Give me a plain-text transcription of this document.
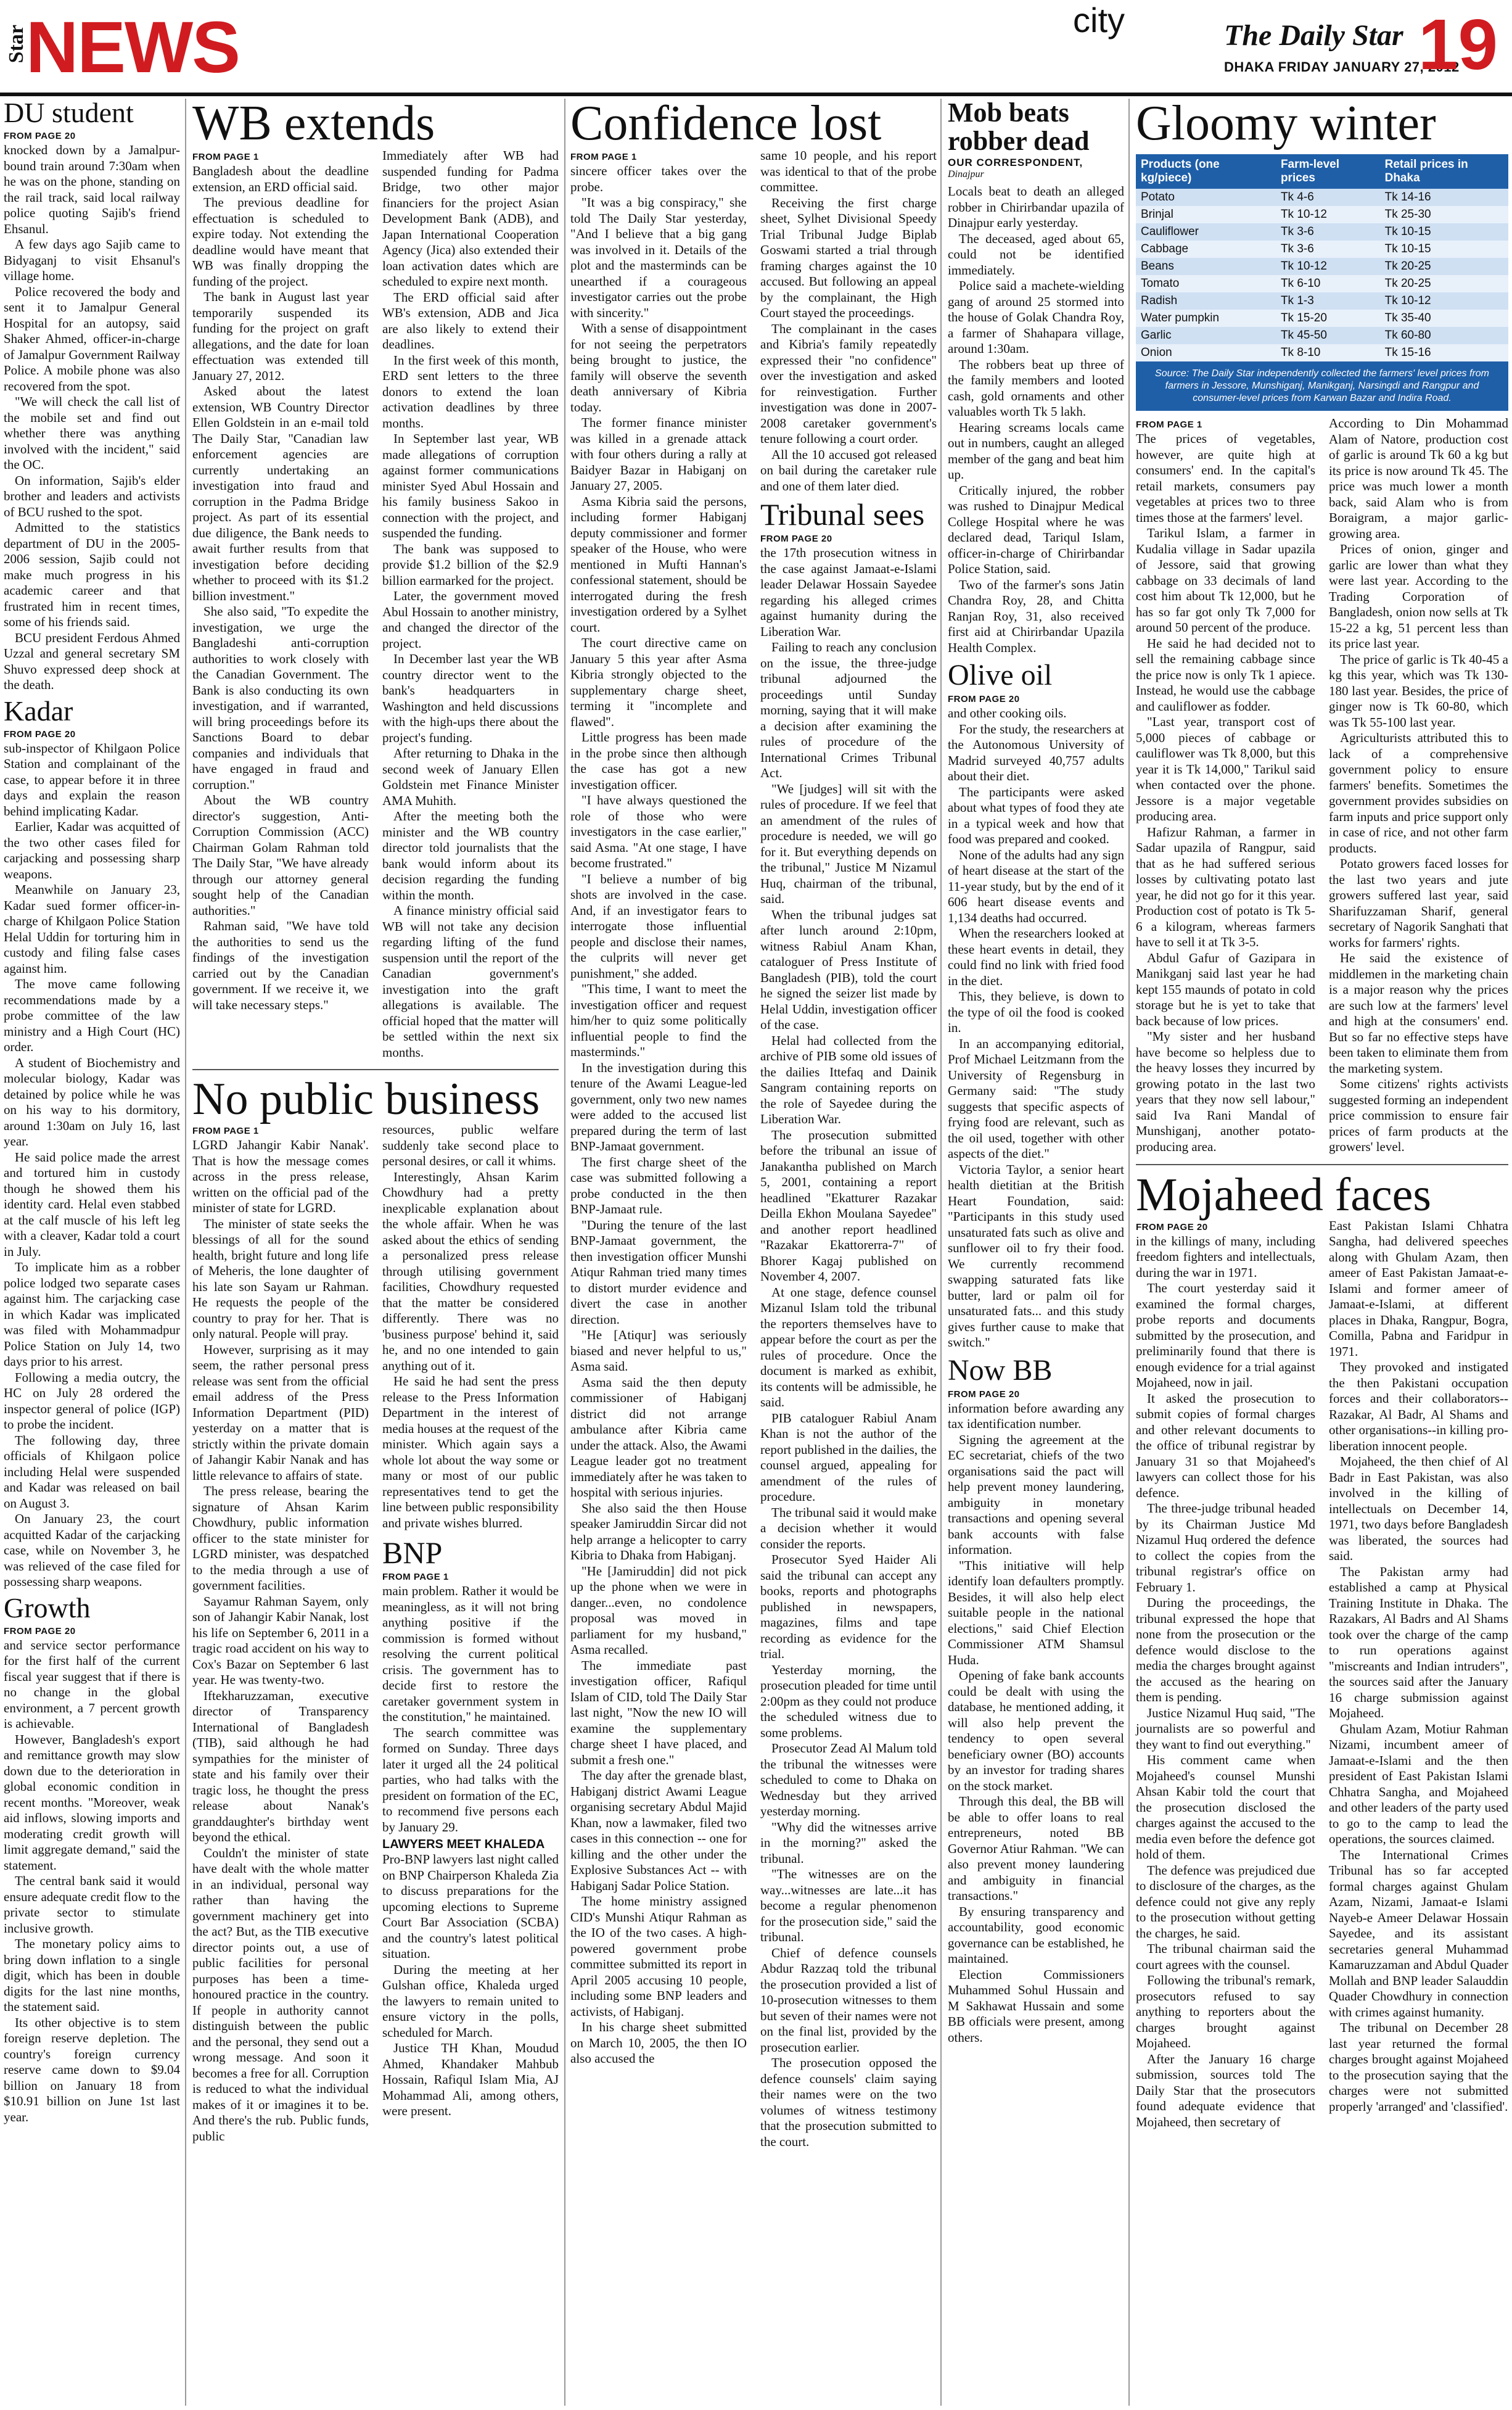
Star
NEWS	city	The Daily Star
DHAKA FRIDAY JANUARY 27, 2012
19
DU student
FROM PAGE 20

knocked down by a Jamalpur-bound train around 7:30am when he was on the phone, standing on the rail track, said local railway police quoting Sajib's friend Ehsanul.

A few days ago Sajib came to Bidyaganj to visit Ehsanul's village home.

Police recovered the body and sent it to Jamalpur General Hospital for an autopsy, said Shaker Ahmed, officer-in-charge of Jamalpur Government Railway Police. A mobile phone was also recovered from the spot.

"We will check the call list of the mobile set and find out whether there was anything involved with the incident," said the OC.

On information, Sajib's elder brother and leaders and activists of BCU rushed to the spot.

Admitted to the statistics department of DU in the 2005-2006 session, Sajib could not make much progress in his academic career and that frustrated him in recent times, some of his friends said.

BCU president Ferdous Ahmed Uzzal and general secretary SM Shuvo expressed deep shock at the death.

Kadar
FROM PAGE 20

sub-inspector of Khilgaon Police Station and complainant of the case, to appear before it in three days and explain the reason behind implicating Kadar.

Earlier, Kadar was acquitted of the two other cases filed for carjacking and possessing sharp weapons.

Meanwhile on January 23, Kadar sued former officer-in-charge of Khilgaon Police Station Helal Uddin for torturing him in custody and filing false cases against him.

The move came following recommendations made by a probe committee of the law ministry and a High Court (HC) order.

A student of Biochemistry and molecular biology, Kadar was detained by police while he was on his way to his dormitory, around 1:30am on July 16, last year.

He said police made the arrest and tortured him in custody though he showed them his identity card. Helal even stabbed at the calf muscle of his left leg with a cleaver, Kadar told a court in July.

To implicate him as a robber police lodged two separate cases against him. The carjacking case in which Kadar was implicated was filed with Mohammadpur Police Station on July 14, two days prior to his arrest.

Following a media outcry, the HC on July 28 ordered the inspector general of police (IGP) to probe the incident.

The following day, three officials of Khilgaon police including Helal were suspended and Kadar was released on bail on August 3.

On January 23, the court acquitted Kadar of the carjacking case, while on November 3, he was relieved of the case filed for possessing sharp weapons.

Growth
FROM PAGE 20

and service sector performance for the first half of the current fiscal year suggest that if there is no change in the global environment, a 7 percent growth is achievable.

However, Bangladesh's export and remittance growth may slow down due to the deterioration in global economic condition in recent months. "Moreover, weak aid inflows, slowing imports and moderating credit growth will limit aggregate demand," said the statement.

The central bank said it would ensure adequate credit flow to the private sector to stimulate inclusive growth.

The monetary policy aims to bring down inflation to a single digit, which has been in double digits for the last nine months, the statement said.

Its other objective is to stem foreign reserve depletion. The country's foreign currency reserve came down to $9.04 billion on January 18 from $10.91 billion on June 1st last year.

WB extends
FROM PAGE 1

Bangladesh about the deadline extension, an ERD official said.

The previous deadline for effectuation is scheduled to expire today. Not extending the deadline would have meant that WB was finally dropping the funding of the project.

The bank in August last year temporarily suspended its funding for the project on graft allegations, and the date for loan effectuation was extended till January 27, 2012.

Asked about the latest extension, WB Country Director Ellen Goldstein in an e-mail told The Daily Star, "Canadian law enforcement agencies are currently undertaking an investigation into fraud and corruption in the Padma Bridge project. As part of its essential due diligence, the Bank needs to await further results from that investigation before deciding whether to proceed with its $1.2 billion investment."

She also said, "To expedite the investigation, we urge the Bangladeshi anti-corruption authorities to work closely with the Canadian Government. The Bank is also conducting its own investigation, and if warranted, will bring proceedings before its Sanctions Board to debar companies and individuals that have engaged in fraud and corruption."

About the WB country director's suggestion, Anti-Corruption Commission (ACC) Chairman Golam Rahman told The Daily Star, "We have already through our attorney general sought help of the Canadian authorities."

Rahman said, "We have told the authorities to send us the findings of the investigation carried out by the Canadian government. If we receive it, we will take necessary steps."

Immediately after WB had suspended funding for Padma Bridge, two other major financiers for the project Asian Development Bank (ADB), and Japan International Cooperation Agency (Jica) also extended their loan activation dates which are scheduled to expire next month.

The ERD official said after WB's extension, ADB and Jica are also likely to extend their deadlines.

In the first week of this month, ERD sent letters to the three donors to extend the loan activation deadlines by three months.

In September last year, WB made allegations of corruption against former communications minister Syed Abul Hossain and his family business Sakoo in connection with the project, and suspended the funding.

The bank was supposed to provide $1.2 billion of the $2.9 billion earmarked for the project.

Later, the government moved Abul Hossain to another ministry, and changed the director of the project.

In December last year the WB country director went to the bank's headquarters in Washington and held discussions with the high-ups there about the project's funding.

After returning to Dhaka in the second week of January Ellen Goldstein met Finance Minister AMA Muhith.

After the meeting both the minister and the WB country director told journalists that the bank would inform about its decision regarding the funding within the month.

A finance ministry official said WB will not take any decision regarding lifting of the fund suspension until the report of the Canadian government's investigation into the graft allegations is available. The official hoped that the matter will be settled within the next six months.

No public business
FROM PAGE 1

LGRD Jahangir Kabir Nanak'. That is how the message comes across in the press release, written on the official pad of the minister of state for LGRD.

The minister of state seeks the blessings of all for the sound health, bright future and long life of Meheris, the lone daughter of his late son Sayam ur Rahman. He requests the people of the country to pray for her. That is only natural. People will pray.

However, surprising as it may seem, the rather personal press release was sent from the official email address of the Press Information Department (PID) yesterday on a matter that is strictly within the private domain of Jahangir Kabir Nanak and has little relevance to affairs of state.

The press release, bearing the signature of Ahsan Karim Chowdhury, public information officer to the state minister for LGRD minister, was despatched to the media through a use of government facilities.

Sayamur Rahman Sayem, only son of Jahangir Kabir Nanak, lost his life on September 6, 2011 in a tragic road accident on his way to Cox's Bazar on September 6 last year. He was twenty-two.

Iftekharuzzaman, executive director of Transparency International of Bangladesh (TIB), said although he had sympathies for the minister of state and his family over their tragic loss, he thought the press release about Nanak's granddaughter's birthday went beyond the ethical.

Couldn't the minister of state have dealt with the whole matter in an individual, personal way rather than having the government machinery get into the act? But, as the TIB executive director points out, a use of public facilities for personal purposes has been a time-honoured practice in the country. If people in authority cannot distinguish between the public and the personal, they send out a wrong message. And soon it becomes a free for all. Corruption is reduced to what the individual makes of it or imagines it to be. And there's the rub. Public funds, public

resources, public welfare suddenly take second place to personal desires, or call it whims.

Interestingly, Ahsan Karim Chowdhury had a pretty inexplicable explanation about the whole affair. When he was asked about the ethics of sending a personalized press release through utilising government facilities, Chowdhury requested that the matter be considered differently. There was no 'business purpose' behind it, said he, and no one intended to gain anything out of it.

He said he had sent the press release to the Press Information Department in the interest of media houses at the request of the minister. Which again says a whole lot about the way some or many or most of our public representatives tend to get the line between public responsibility and private wishes blurred.

BNP
FROM PAGE 1

main problem. Rather it would be meaningless, as it will not bring anything positive if the commission is formed without resolving the current political crisis. The government has to decide first to restore the caretaker government system in the constitution," he maintained.

The search committee was formed on Sunday. Three days later it urged all the 24 political parties, who had talks with the president on formation of the EC, to recommend five persons each by January 29.

LAWYERS MEET KHALEDA

Pro-BNP lawyers last night called on BNP Chairperson Khaleda Zia to discuss preparations for the upcoming elections to Supreme Court Bar Association (SCBA) and the country's latest political situation.

During the meeting at her Gulshan office, Khaleda urged the lawyers to remain united to ensure victory in the polls, scheduled for March.

Justice TH Khan, Moudud Ahmed, Khandaker Mahbub Hossain, Rafiqul Islam Mia, AJ Mohammad Ali, among others, were present.

Confidence lost
FROM PAGE 1

sincere officer takes over the probe.

"It was a big conspiracy," she told The Daily Star yesterday, "And I believe that a big gang was involved in it. Details of the plot and the masterminds can be unearthed if a courageous investigator carries out the probe with sincerity."

With a sense of disappointment for not seeing the perpetrators being brought to justice, the family will observe the seventh death anniversary of Kibria today.

The former finance minister was killed in a grenade attack with four others during a rally at Baidyer Bazar in Habiganj on January 27, 2005.

Asma Kibria said the persons, including former Habiganj deputy commissioner and former speaker of the House, who were mentioned in Mufti Hannan's confessional statement, should be interrogated during the fresh investigation ordered by a Sylhet court.

The court directive came on January 5 this year after Asma Kibria strongly objected to the supplementary charge sheet, terming it "incomplete and flawed".

Little progress has been made in the probe since then although the case has got a new investigation officer.

"I have always questioned the role of those who were investigators in the case earlier," said Asma. "At one stage, I have become frustrated."

"I believe a number of big shots are involved in the case. And, if an investigator fears to interrogate those influential people and disclose their names, the culprits will never get punishment," she added.

"This time, I want to meet the investigation officer and request him/her to quiz some politically influential people to find the masterminds."

In the investigation during this tenure of the Awami League-led government, only two new names were added to the accused list prepared during the term of last BNP-Jamaat government.

The first charge sheet of the case was submitted following a probe conducted in the then BNP-Jamaat rule.

"During the tenure of the last BNP-Jamaat government, the then investigation officer Munshi Atiqur Rahman tried many times to distort murder evidence and divert the case in another direction.

"He [Atiqur] was seriously biased and never helpful to us," Asma said.

Asma said the then deputy commissioner of Habiganj district did not arrange ambulance after Kibria came under the attack. Also, the Awami League leader got no treatment immediately after he was taken to hospital with serious injuries.

She also said the then House speaker Jamiruddin Sircar did not help arrange a helicopter to carry Kibria to Dhaka from Habiganj.

"He [Jamiruddin] did not pick up the phone when we were in danger...even, no condolence proposal was moved in parliament for my husband," Asma recalled.

The immediate past investigation officer, Rafiqul Islam of CID, told The Daily Star last night, "Now the new IO will examine the supplementary charge sheet I have placed, and submit a fresh one."

The day after the grenade blast, Habiganj district Awami League organising secretary Abdul Majid Khan, now a lawmaker, filed two cases in this connection -- one for killing and the other under the Explosive Substances Act -- with Habiganj Sadar Police Station.

The home ministry assigned CID's Munshi Atiqur Rahman as the IO of the two cases. A high-powered government probe committee submitted its report in April 2005 accusing 10 people, including some BNP leaders and activists, of Habiganj.

In his charge sheet submitted on March 10, 2005, the then IO also accused the

same 10 people, and his report was identical to that of the probe committee.

Receiving the first charge sheet, Sylhet Divisional Speedy Trial Tribunal Judge Biplab Goswami started a trial through framing charges against the 10 accused. But following an appeal by the complainant, the High Court stayed the proceedings.

The complainant in the cases and Kibria's family repeatedly expressed their "no confidence" over the investigation and asked for reinvestigation. Further investigation was done in 2007-2008 caretaker government's tenure following a court order.

All the 10 accused got released on bail during the caretaker rule and one of them later died.

Tribunal sees
FROM PAGE 20

the 17th prosecution witness in the case against Jamaat-e-Islami leader Delawar Hossain Sayedee regarding his alleged crimes against humanity during the Liberation War.

Failing to reach any conclusion on the issue, the three-judge tribunal adjourned the proceedings until Sunday morning, saying that it will make a decision after examining the rules of procedure of the International Crimes Tribunal Act.

"We [judges] will sit with the rules of procedure. If we feel that an amendment of the rules of procedure is needed, we will go for it. But everything depends on the tribunal," Justice M Nizamul Huq, chairman of the tribunal, said.

When the tribunal judges sat after lunch around 2:10pm, witness Rabiul Anam Khan, cataloguer of Press Institute of Bangladesh (PIB), told the court he signed the seizer list made by Helal Uddin, investigation officer of the case.

Helal had collected from the archive of PIB some old issues of the dailies Ittefaq and Dainik Sangram containing reports on the role of Sayedee during the Liberation War.

The prosecution submitted before the tribunal an issue of Janakantha published on March 5, 2001, containing a report headlined "Ekatturer Razakar Deilla Ekhon Moulana Sayedee" and another report headlined "Razakar Ekattorerra-7" of Bhorer Kagaj published on November 4, 2007.

At one stage, defence counsel Mizanul Islam told the tribunal the reporters themselves have to appear before the court as per the rules of procedure. Once the document is marked as exhibit, its contents will be admissible, he said.

PIB cataloguer Rabiul Anam Khan is not the author of the report published in the dailies, the counsel argued, appealing for amendment of the rules of procedure.

The tribunal said it would make a decision whether it would consider the reports.

Prosecutor Syed Haider Ali said the tribunal can accept any books, reports and photographs published in newspapers, magazines, films and tape recording as evidence for the trial.

Yesterday morning, the prosecution pleaded for time until 2:00pm as they could not produce the scheduled witness due to some problems.

Prosecutor Zead Al Malum told the tribunal the witnesses were scheduled to come to Dhaka on Wednesday but they arrived yesterday morning.

"Why did the witnesses arrive in the morning?" asked the tribunal.

"The witnesses are on the way...witnesses are late...it has become a regular phenomenon for the prosecution side," said the tribunal.

Chief of defence counsels Abdur Razzaq told the tribunal the prosecution provided a list of 10-prosecution witnesses to them but seven of their names were not on the final list, provided by the prosecution earlier.

The prosecution opposed the defence counsels' claim saying their names were on the two volumes of witness testimony that the prosecution submitted to the court.

Mob beats robber dead
OUR CORRESPONDENT,
Dinajpur

Locals beat to death an alleged robber in Chirirbandar upazila of Dinajpur early yesterday.

The deceased, aged about 65, could not be identified immediately.

Police said a machete-wielding gang of around 25 stormed into the house of Golak Chandra Roy, a farmer of Shahapara village, around 1:30am.

The robbers beat up three of the family members and looted cash, gold ornaments and other valuables worth Tk 5 lakh.

Hearing screams locals came out in numbers, caught an alleged member of the gang and beat him up.

Critically injured, the robber was rushed to Dinajpur Medical College Hospital where he was declared dead, Tariqul Islam, officer-in-charge of Chirirbandar Police Station, said.

Two of the farmer's sons Jatin Chandra Roy, 28, and Chitta Ranjan Roy, 31, also received first aid at Chirirbandar Upazila Health Complex.

Olive oil
FROM PAGE 20

and other cooking oils.

For the study, the researchers at the Autonomous University of Madrid surveyed 40,757 adults about their diet.

The participants were asked about what types of food they ate in a typical week and how that food was prepared and cooked.

None of the adults had any sign of heart disease at the start of the 11-year study, but by the end of it 606 heart disease events and 1,134 deaths had occurred.

When the researchers looked at these heart events in detail, they could find no link with fried food in the diet.

This, they believe, is down to the type of oil the food is cooked in.

In an accompanying editorial, Prof Michael Leitzmann from the University of Regensburg in Germany said: "The study suggests that specific aspects of frying food are relevant, such as the oil used, together with other aspects of the diet."

Victoria Taylor, a senior heart health dietitian at the British Heart Foundation, said: "Participants in this study used unsaturated fats such as olive and sunflower oil to fry their food. We currently recommend swapping saturated fats like butter, lard or palm oil for unsaturated fats... and this study gives further cause to make that switch."

Now BB
FROM PAGE 20

information before awarding any tax identification number.

Signing the agreement at the EC secretariat, chiefs of the two organisations said the pact will help prevent money laundering, ambiguity in monetary transactions and opening several bank accounts with false information.

"This initiative will help identify loan defaulters promptly. Besides, it will also help elect suitable people in the national elections," said Chief Election Commissioner ATM Shamsul Huda.

Opening of fake bank accounts could be dealt with using the database, he mentioned adding, it will also help prevent the tendency to open several beneficiary owner (BO) accounts by an investor for trading shares on the stock market.

Through this deal, the BB will be able to offer loans to real entrepreneurs, noted BB Governor Atiur Rahman. "We can also prevent money laundering and ambiguity in financial transactions."

By ensuring transparency and accountability, good economic governance can be established, he maintained.

Election Commissioners Muhammed Sohul Hussain and M Sakhawat Hussain and some BB officials were present, among others.

Gloomy winter
Products (one kg/piece)	Farm-level prices	Retail prices in Dhaka
Potato	Tk 4-6	Tk 14-16
Brinjal	Tk 10-12	Tk 25-30
Cauliflower	Tk 3-6	Tk 10-15
Cabbage	Tk 3-6	Tk 10-15
Beans	Tk 10-12	Tk 20-25
Tomato	Tk 6-10	Tk 20-25
Radish	Tk 1-3	Tk 10-12
Water pumpkin	Tk 15-20	Tk 35-40
Garlic	Tk 45-50	Tk 60-80
Onion	Tk 8-10	Tk 15-16
Source: The Daily Star independently collected the farmers' level prices from farmers in Jessore, Munshiganj, Manikganj, Narsingdi and Rangpur and consumer-level prices from Karwan Bazar and Indira Road.
FROM PAGE 1

The prices of vegetables, however, are quite high at consumers' end. In the capital's retail markets, consumers pay vegetables at prices two to three times those at the farmers' level.

Tarikul Islam, a farmer in Kudalia village in Sadar upazila of Jessore, said that growing cabbage on 33 decimals of land cost him about Tk 12,000, but he has so far got only Tk 7,000 for around 50 percent of the produce.

He said he had decided not to sell the remaining cabbage since the price now is only Tk 1 apiece. Instead, he would use the cabbage and cauliflower as fodder.

"Last year, transport cost of 5,000 pieces of cabbage or cauliflower was Tk 8,000, but this year it is Tk 14,000," Tarikul said when contacted over the phone. Jessore is a major vegetable producing area.

Hafizur Rahman, a farmer in Sadar upazila of Rangpur, said that as he had suffered serious losses by cultivating potato last year, he did not go for it this year. Production cost of potato is Tk 5-6 a kilogram, whereas farmers have to sell it at Tk 3-5.

Abdul Gafur of Gazipara in Manikganj said last year he had kept 155 maunds of potato in cold storage but he is yet to take that back because of low prices.

"My sister and her husband have become so helpless due to the heavy losses they incurred by growing potato in the last two years that they now sell labour," said Iva Rani Mandal of Munshiganj, another potato-producing area.

According to Din Mohammad Alam of Natore, production cost of garlic is around Tk 60 a kg but its price is now around Tk 45. The price was much lower a month back, said Alam who is from Boraigram, a major garlic-growing area.

Prices of onion, ginger and garlic are lower than what they were last year. According to the Trading Corporation of Bangladesh, onion now sells at Tk 15-22 a kg, 51 percent less than its price last year.

The price of garlic is Tk 40-45 a kg this year, which was Tk 130-180 last year. Besides, the price of ginger now is Tk 60-80, which was Tk 55-100 last year.

Agriculturists attributed this to lack of a comprehensive government policy to ensure farmers' benefits. Sometimes the government provides subsidies on farm inputs and price support only in case of rice, and not other farm products.

Potato growers faced losses for the last two years and jute growers suffered last year, said Sharifuzzaman Sharif, general secretary of Nagorik Sanghati that works for farmers' rights.

He said the existence of middlemen in the marketing chain is a major reason why the prices are such low at the farmers' level and high at the consumers' end. But so far no effective steps have been taken to eliminate them from the marketing system.

Some citizens' rights activists suggested forming an independent price commission to ensure fair prices of farm products at the growers' level.

Mojaheed faces
FROM PAGE 20

in the killings of many, including freedom fighters and intellectuals, during the war in 1971.

The court yesterday said it examined the formal charges, probe reports and documents submitted by the prosecution, and preliminarily found that there is enough evidence for a trial against Mojaheed, now in jail.

It asked the prosecution to submit copies of formal charges and other relevant documents to the office of tribunal registrar by January 31 so that Mojaheed's lawyers can collect those for his defence.

The three-judge tribunal headed by its Chairman Justice Md Nizamul Huq ordered the defence to collect the copies from the tribunal registrar's office on February 1.

During the proceedings, the tribunal expressed the hope that none from the prosecution or the defence would disclose to the media the charges brought against the accused as the hearing on them is pending.

Justice Nizamul Huq said, "The journalists are so powerful and they want to find out everything."

His comment came when Mojaheed's counsel Munshi Ahsan Kabir told the court that the prosecution disclosed the charges against the accused to the media even before the defence got hold of them.

The defence was prejudiced due to disclosure of the charges, as the defence could not give any reply to the prosecution without getting the charges, he said.

The tribunal chairman said the court agrees with the counsel.

Following the tribunal's remark, prosecutors refused to say anything to reporters about the charges brought against Mojaheed.

After the January 16 charge submission, sources told The Daily Star that the prosecutors found adequate evidence that Mojaheed, then secretary of

East Pakistan Islami Chhatra Sangha, had delivered speeches along with Ghulam Azam, then ameer of East Pakistan Jamaat-e-Islami and former ameer of Jamaat-e-Islami, at different places in Dhaka, Rangpur, Bogra, Comilla, Pabna and Faridpur in 1971.

They provoked and instigated the then Pakistani occupation forces and their collaborators--Razakar, Al Badr, Al Shams and other organisations--in killing pro-liberation innocent people.

Mojaheed, the then chief of Al Badr in East Pakistan, was also involved in the killing of intellectuals on December 14, 1971, two days before Bangladesh was liberated, the sources had said.

The Pakistan army had established a camp at Physical Training Institute in Dhaka. The Razakars, Al Badrs and Al Shams took over the charge of the camp to run operations against "miscreants and Indian intruders", the sources said after the January 16 charge submission against Mojaheed.

Ghulam Azam, Motiur Rahman Nizami, incumbent ameer of Jamaat-e-Islami and the then president of East Pakistan Islami Chhatra Sangha, and Mojaheed and other leaders of the party used to go to the camp to lead the operations, the sources claimed.

The International Crimes Tribunal has so far accepted formal charges against Ghulam Azam, Nizami, Jamaat-e Islami Nayeb-e Ameer Delawar Hossain Sayedee, and its assistant secretaries general Muhammad Kamaruzzaman and Abdul Quader Mollah and BNP leader Salauddin Quader Chowdhury in connection with crimes against humanity.

The tribunal on December 28 last year returned the formal charges brought against Mojaheed to the prosecution saying that the charges were not submitted properly 'arranged' and 'classified'.
